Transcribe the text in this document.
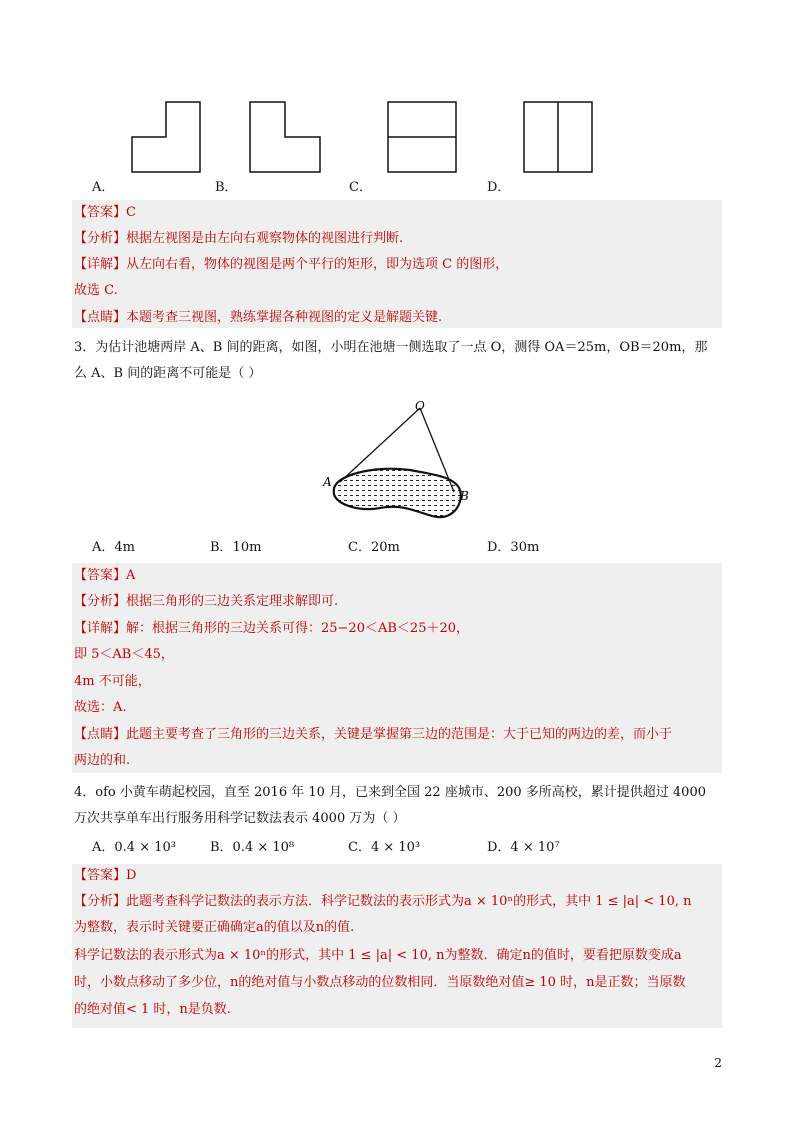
A．	B．	C．	D．
【答案】C
【分析】根据左视图是由左向右观察物体的视图进行判断.
【详解】从左向右看，物体的视图是两个平行的矩形，即为选项 C 的图形，
故选 C.
【点睛】本题考查三视图，熟练掌握各种视图的定义是解题关键.
3．为估计池塘两岸 A、B 间的距离，如图，小明在池塘一侧选取了一点 O，测得 OA＝25m，OB＝20m，那
么 A、B 间的距离不可能是（ ）
O
A
B
A．4m	B．10m	C．20m	D．30m
【答案】A
【分析】根据三角形的三边关系定理求解即可.
【详解】解：根据三角形的三边关系可得：25−20＜AB＜25＋20，
即 5＜AB＜45，
4m 不可能，
故选：A.
【点睛】此题主要考查了三角形的三边关系，关键是掌握第三边的范围是：大于已知的两边的差，而小于
两边的和.
4．ofo 小黄车萌起校园，直至 2016 年 10 月，已来到全国 22 座城市、200 多所高校，累计提供超过 4000
万次共享单车出行服务用科学记数法表示 4000 万为（ ）
A．0.4 × 10³	B．0.4 × 10⁸	C．4 × 10³	D．4 × 10⁷
【答案】D
【分析】此题考查科学记数法的表示方法．科学记数法的表示形式为a × 10ⁿ的形式，其中 1 ≤ |a| < 10, n
为整数，表示时关键要正确确定a的值以及n的值.
科学记数法的表示形式为a × 10ⁿ的形式，其中 1 ≤ |a| < 10, n为整数．确定n的值时，要看把原数变成a
时，小数点移动了多少位，n的绝对值与小数点移动的位数相同．当原数绝对值≥ 10 时，n是正数；当原数
的绝对值< 1 时，n是负数.
2
